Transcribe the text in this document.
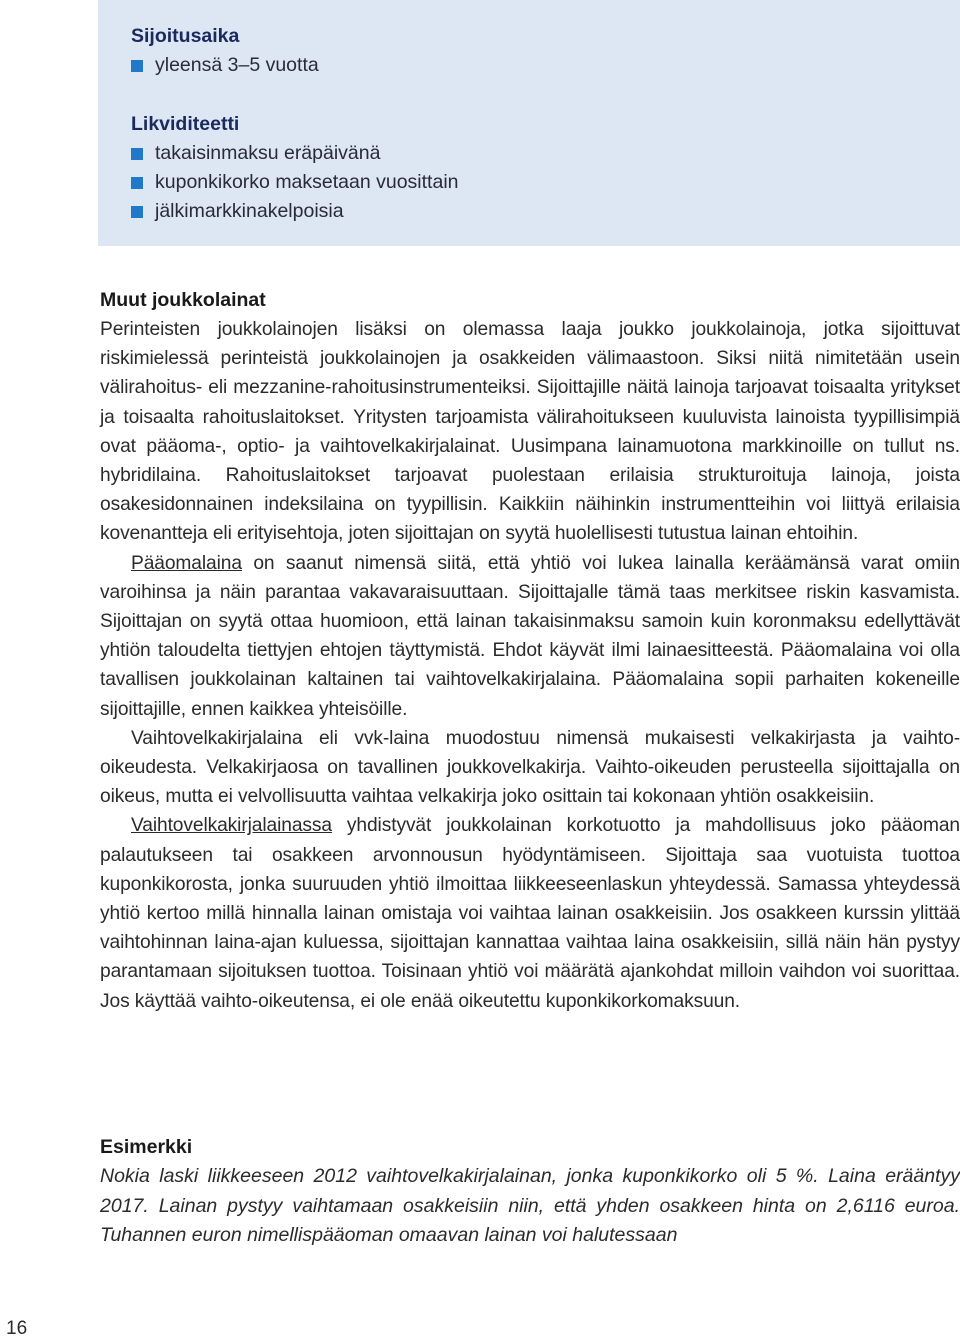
Sijoitusaika
yleensä 3–5 vuotta
Likviditeetti
takaisinmaksu eräpäivänä
kuponkikorko maksetaan vuosittain
jälkimarkkinakelpoisia
Muut joukkolainat

Perinteisten joukkolainojen lisäksi on olemassa laaja joukko joukkolainoja, jotka sijoittuvat riskimielessä perinteistä joukkolainojen ja osakkeiden välimaastoon. Siksi niitä nimitetään usein välirahoitus- eli mezzanine-rahoitusinstrumenteiksi. Sijoittajille näitä lainoja tarjoavat toisaalta yritykset ja toisaalta rahoituslaitokset. Yritysten tarjoamista välirahoitukseen kuuluvista lainoista tyypillisimpiä ovat pääoma-, optio- ja vaihtovelkakirjalainat. Uusimpana lainamuotona markkinoille on tullut ns. hybridilaina. Rahoituslaitokset tarjoavat puolestaan erilaisia strukturoituja lainoja, joista osakesidonnainen indeksilaina on tyypillisin. Kaikkiin näihinkin instrumentteihin voi liittyä erilaisia kovenantteja eli erityisehtoja, joten sijoittajan on syytä huolellisesti tutustua lainan ehtoihin.

Pääomalaina on saanut nimensä siitä, että yhtiö voi lukea lainalla keräämänsä varat omiin varoihinsa ja näin parantaa vakavaraisuuttaan. Sijoittajalle tämä taas merkitsee riskin kasvamista. Sijoittajan on syytä ottaa huomioon, että lainan takaisinmaksu samoin kuin koronmaksu edellyttävät yhtiön taloudelta tiettyjen ehtojen täyttymistä. Ehdot käyvät ilmi lainaesitteestä. Pääomalaina voi olla tavallisen joukkolainan kaltainen tai vaihtovelkakirjalaina. Pääomalaina sopii parhaiten kokeneille sijoittajille, ennen kaikkea yhteisöille.

Vaihtovelkakirjalaina eli vvk-laina muodostuu nimensä mukaisesti velkakirjasta ja vaihto-oikeudesta. Velkakirjaosa on tavallinen joukkovelkakirja. Vaihto-oikeuden perusteella sijoittajalla on oikeus, mutta ei velvollisuutta vaihtaa velkakirja joko osittain tai kokonaan yhtiön osakkeisiin.

Vaihtovelkakirjalainassa yhdistyvät joukkolainan korkotuotto ja mahdollisuus joko pääoman palautukseen tai osakkeen arvonnousun hyödyntämiseen. Sijoittaja saa vuotuista tuottoa kuponkikorosta, jonka suuruuden yhtiö ilmoittaa liikkeeseenlaskun yhteydessä. Samassa yhteydessä yhtiö kertoo millä hinnalla lainan omistaja voi vaihtaa lainan osakkeisiin. Jos osakkeen kurssin ylittää vaihtohinnan laina-ajan kuluessa, sijoittajan kannattaa vaihtaa laina osakkeisiin, sillä näin hän pystyy parantamaan sijoituksen tuottoa. Toisinaan yhtiö voi määrätä ajankohdat milloin vaihdon voi suorittaa. Jos käyttää vaihto-oikeutensa, ei ole enää oikeutettu kuponkikorkomaksuun.

Esimerkki

Nokia laski liikkeeseen 2012 vaihtovelkakirjalainan, jonka kuponkikorko oli 5 %. Laina erääntyy 2017. Lainan pystyy vaihtamaan osakkeisiin niin, että yhden osakkeen hinta on 2,6116 euroa. Tuhannen euron nimellispääoman omaavan lainan voi halutessaan

16
